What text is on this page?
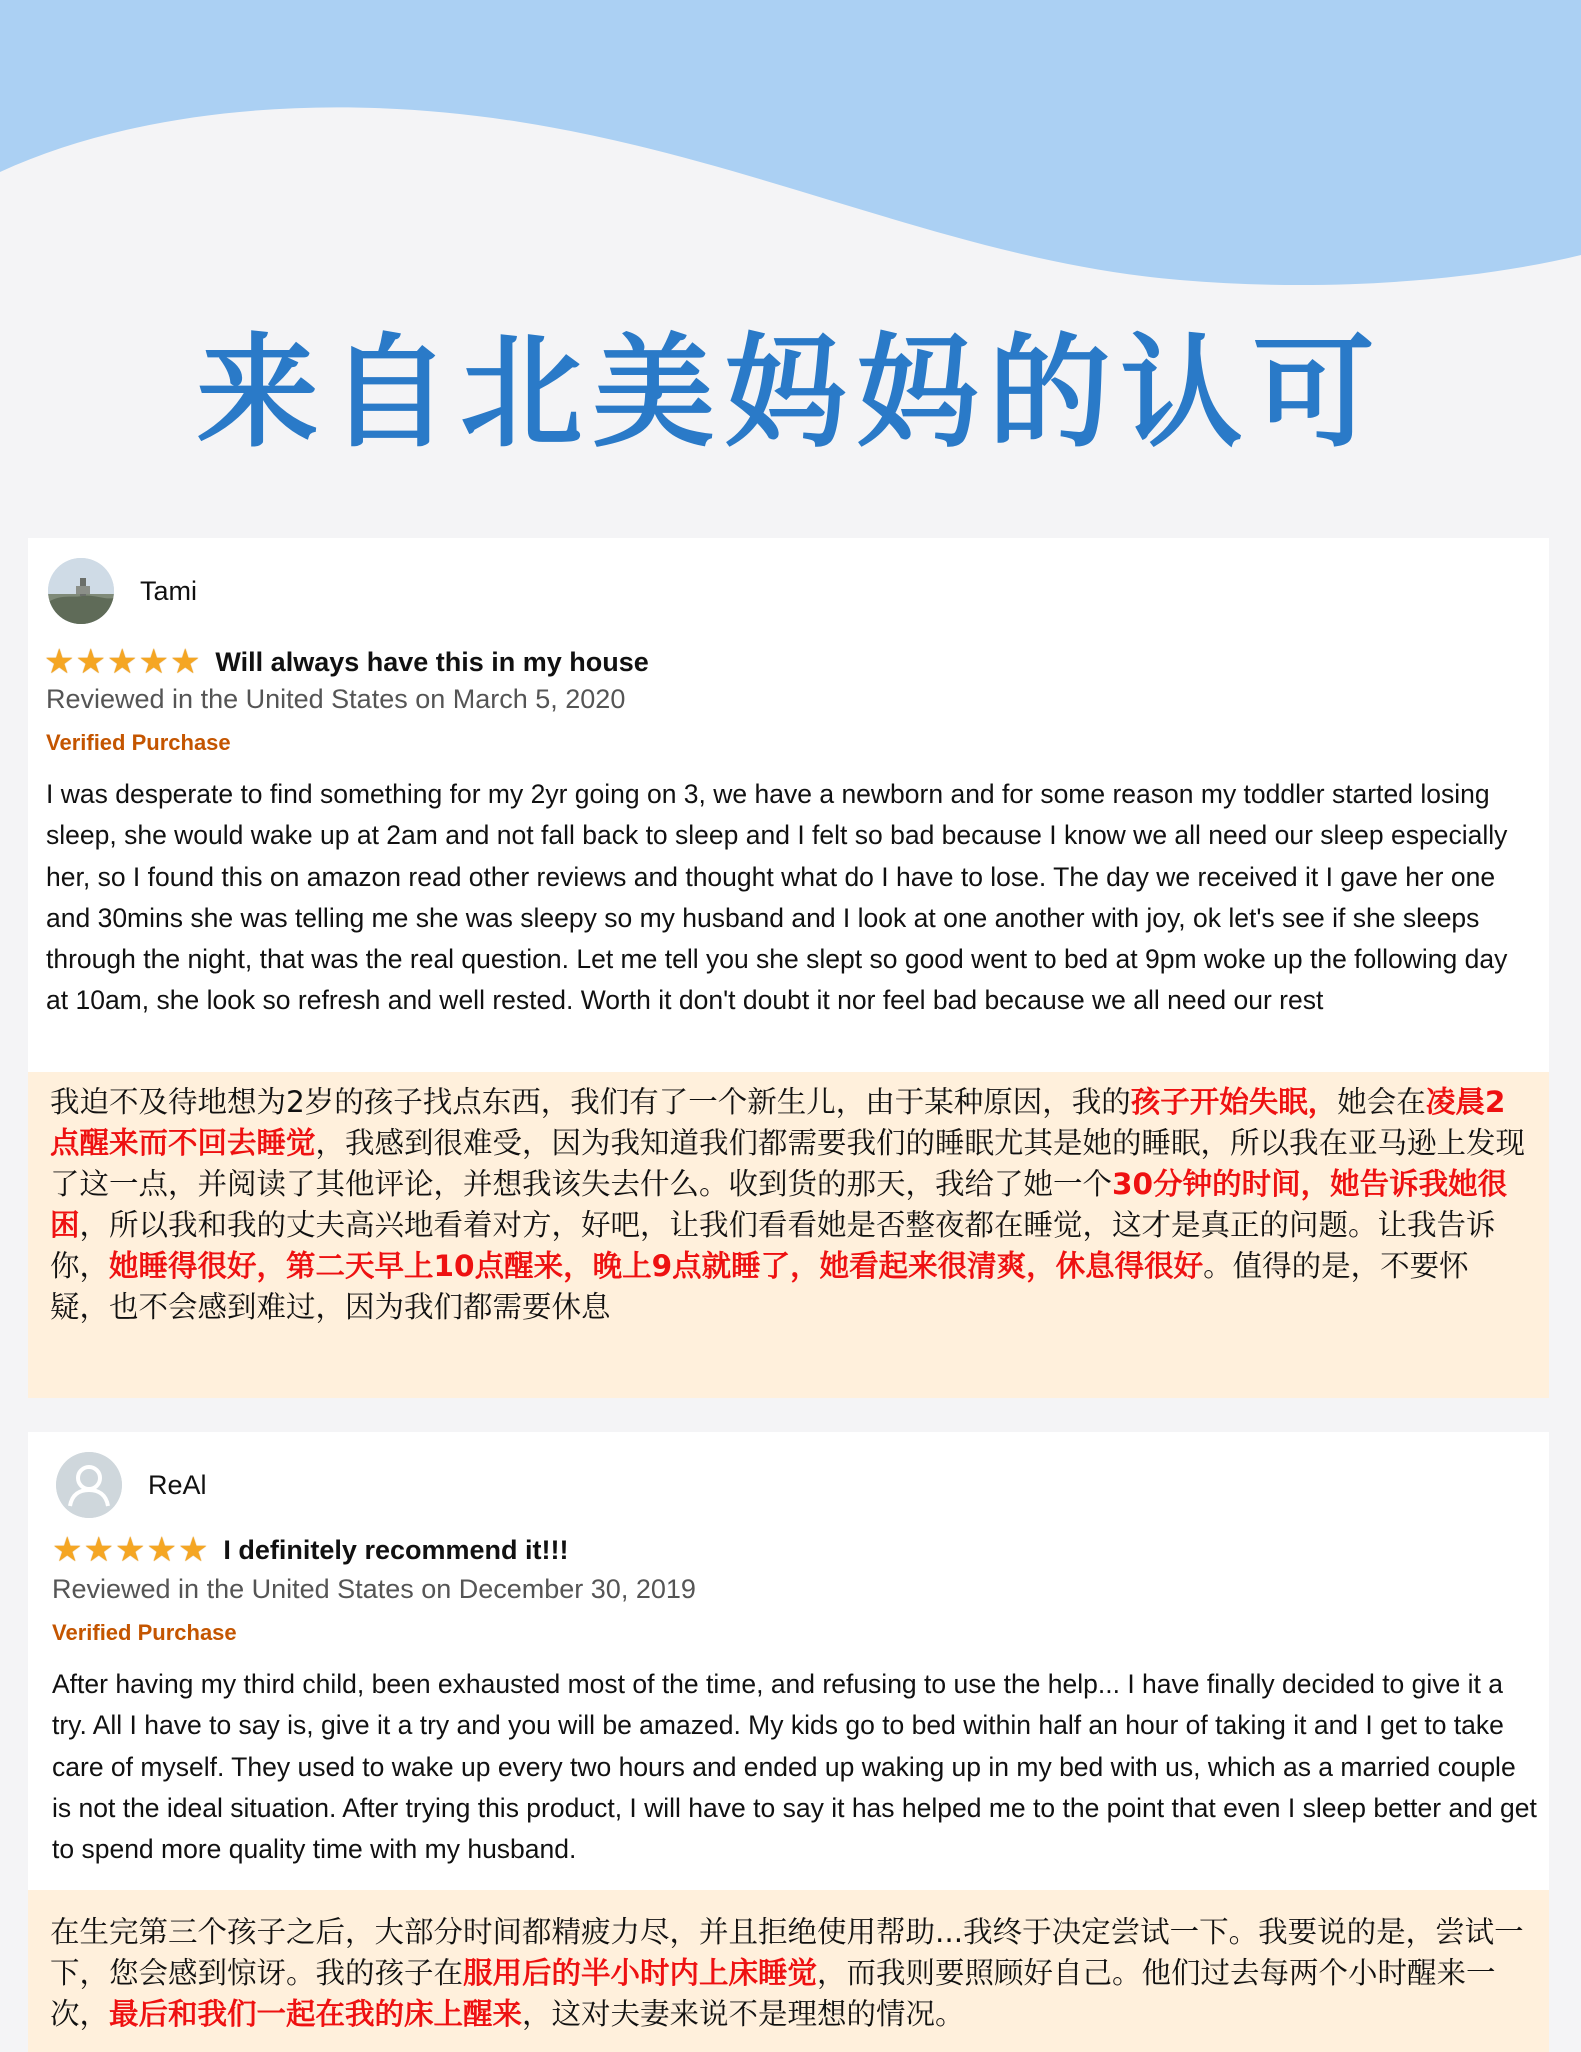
来自北美妈妈的认可
Tami
★ ★ ★ ★ ★ Will always have this in my house
Reviewed in the United States on March 5, 2020
Verified Purchase
I was desperate to find something for my 2yr going on 3, we have a newborn and for some reason my toddler started losing sleep, she would wake up at 2am and not fall back to sleep and I felt so bad because I know we all need our sleep especially her, so I found this on amazon read other reviews and thought what do I have to lose. The day we received it I gave her one and 30mins she was telling me she was sleepy so my husband and I look at one another with joy, ok let's see if she sleeps through the night, that was the real question. Let me tell you she slept so good went to bed at 9pm woke up the following day at 10am, she look so refresh and well rested. Worth it don't doubt it nor feel bad because we all need our rest
我迫不及待地想为2岁的孩子找点东西，我们有了一个新生儿，由于某种原因，我的孩子开始失眠，她会在凌晨2点醒来而不回去睡觉，我感到很难受，因为我知道我们都需要我们的睡眠尤其是她的睡眠，所以我在亚马逊上发现了这一点，并阅读了其他评论，并想我该失去什么。收到货的那天，我给了她一个30分钟的时间，她告诉我她很困，所以我和我的丈夫高兴地看着对方，好吧，让我们看看她是否整夜都在睡觉，这才是真正的问题。让我告诉你，她睡得很好，第二天早上10点醒来，晚上9点就睡了，她看起来很清爽，休息得很好。值得的是，不要怀疑，也不会感到难过，因为我们都需要休息
ReAl
★ ★ ★ ★ ★ I definitely recommend it!!!
Reviewed in the United States on December 30, 2019
Verified Purchase
After having my third child, been exhausted most of the time, and refusing to use the help... I have finally decided to give it a try. All I have to say is, give it a try and you will be amazed. My kids go to bed within half an hour of taking it and I get to take care of myself. They used to wake up every two hours and ended up waking up in my bed with us, which as a married couple is not the ideal situation. After trying this product, I will have to say it has helped me to the point that even I sleep better and get to spend more quality time with my husband.
在生完第三个孩子之后，大部分时间都精疲力尽，并且拒绝使用帮助...我终于决定尝试一下。我要说的是，尝试一下，您会感到惊讶。我的孩子在服用后的半小时内上床睡觉，而我则要照顾好自己。他们过去每两个小时醒来一次，最后和我们一起在我的床上醒来，这对夫妻来说不是理想的情况。
